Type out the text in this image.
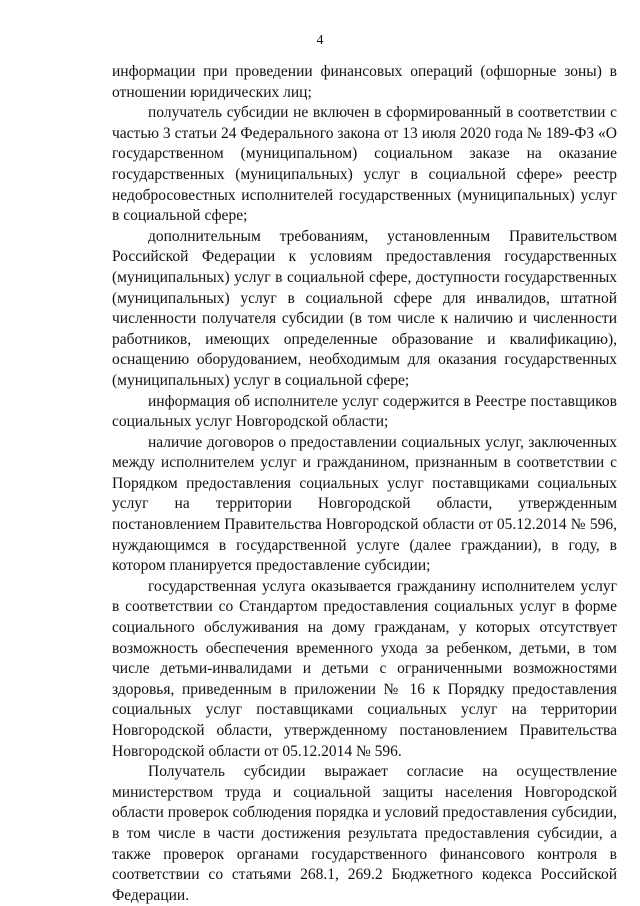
4

информации при проведении финансовых операций (офшорные зоны) в отношении юридических лиц;

получатель субсидии не включен в сформированный в соответствии с частью 3 статьи 24 Федерального закона от 13 июля 2020 года № 189-ФЗ «О государственном (муниципальном) социальном заказе на оказание государственных (муниципальных) услуг в социальной сфере» реестр недобросовестных исполнителей государственных (муниципальных) услуг в социальной сфере;

дополнительным требованиям, установленным Правительством Российской Федерации к условиям предоставления государственных (муниципальных) услуг в социальной сфере, доступности государственных (муниципальных) услуг в социальной сфере для инвалидов, штатной численности получателя субсидии (в том числе к наличию и численности работников, имеющих определенные образование и квалификацию), оснащению оборудованием, необходимым для оказания государственных (муниципальных) услуг в социальной сфере;

информация об исполнителе услуг содержится в Реестре поставщиков социальных услуг Новгородской области;

наличие договоров о предоставлении социальных услуг, заключенных между исполнителем услуг и гражданином, признанным в соответствии с Порядком предоставления социальных услуг поставщиками социальных услуг на территории Новгородской области, утвержденным постановлением Правительства Новгородской области от 05.12.2014 № 596, нуждающимся в государственной услуге (далее граждании), в году, в котором планируется предоставление субсидии;

государственная услуга оказывается гражданину исполнителем услуг в соответствии со Стандартом предоставления социальных услуг в форме социального обслуживания на дому гражданам, у которых отсутствует возможность обеспечения временного ухода за ребенком, детьми, в том числе детьми-инвалидами и детьми с ограниченными возможностями здоровья, приведенным в приложении № 16 к Порядку предоставления социальных услуг поставщиками социальных услуг на территории Новгородской области, утвержденному постановлением Правительства Новгородской области от 05.12.2014 № 596.

Получатель субсидии выражает согласие на осуществление министерством труда и социальной защиты населения Новгородской области проверок соблюдения порядка и условий предоставления субсидии, в том числе в части достижения результата предоставления субсидии, а также проверок органами государственного финансового контроля в соответствии со статьями 268.1, 269.2 Бюджетного кодекса Российской Федерации.
